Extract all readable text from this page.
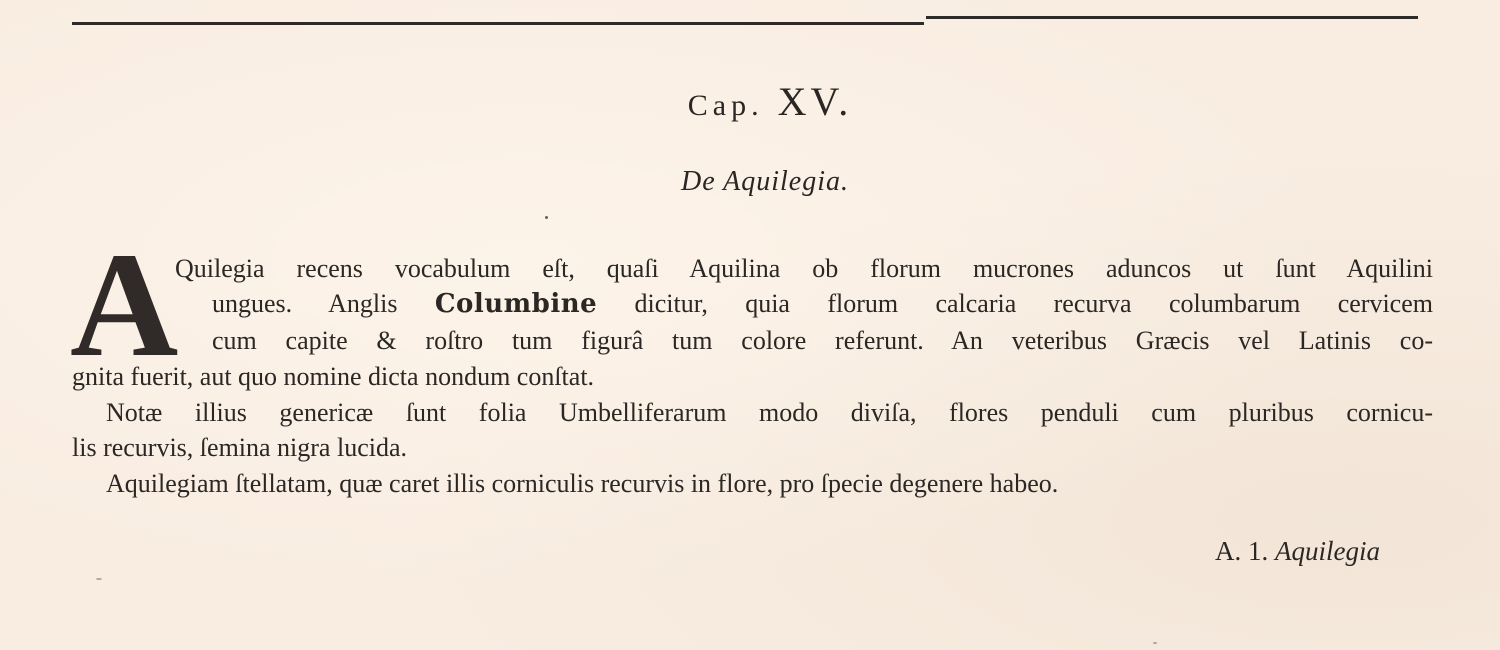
Cap. XV.
De Aquilegia.
A
Quilegia recens vocabulum eſt, quaſi Aquilina ob florum mucrones aduncos ut ſunt Aquilini
ungues. Anglis Columbine dicitur, quia florum calcaria recurva columbarum cervicem
cum capite & roſtro tum figurâ tum colore referunt. An veteribus Græcis vel Latinis co-
gnita fuerit, aut quo nomine dicta nondum conſtat.
Notæ illius genericæ ſunt folia Umbelliferarum modo diviſa, flores penduli cum pluribus cornicu-
lis recurvis, ſemina nigra lucida.
Aquilegiam ſtellatam, quæ caret illis corniculis recurvis in flore, pro ſpecie degenere habeo.
A. 1. Aquilegia
